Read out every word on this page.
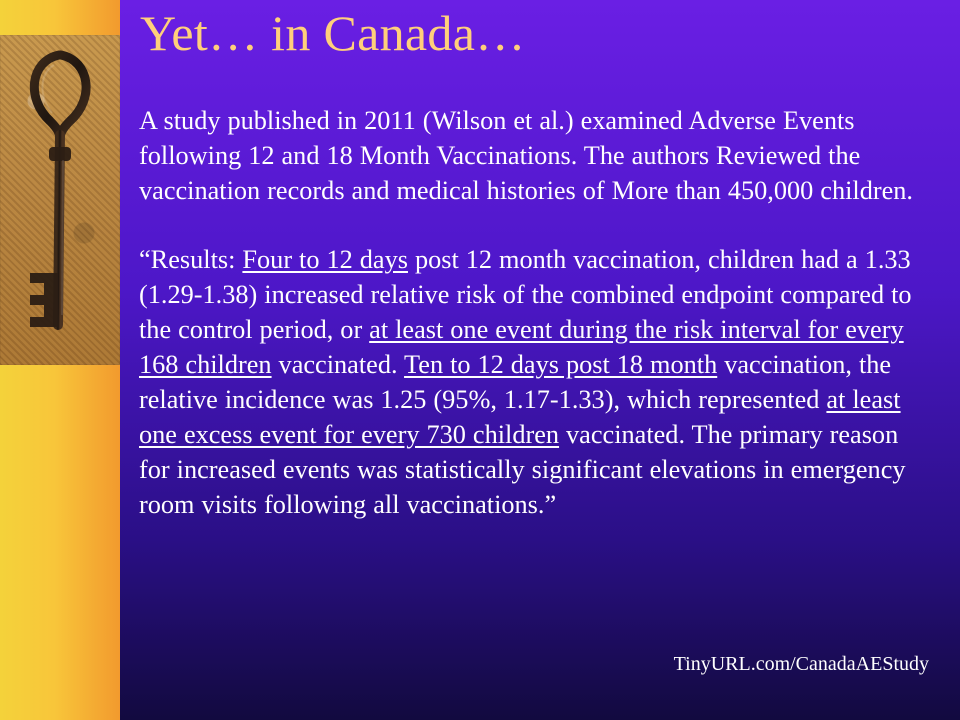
Yet… in Canada…

A study published in 2011 (Wilson et al.) examined Adverse Events following 12 and 18 Month Vaccinations. The authors Reviewed the vaccination records and medical histories of More than 450,000 children.

“Results: Four to 12 days post 12 month vaccination, children had a 1.33 (1.29-1.38) increased relative risk of the combined endpoint compared to the control period, or at least one event during the risk interval for every 168 children vaccinated. Ten to 12 days post 18 month vaccination, the relative incidence was 1.25 (95%, 1.17-1.33), which represented at least one excess event for every 730 children vaccinated. The primary reason for increased events was statistically significant elevations in emergency room visits following all vaccinations.”

TinyURL.com/CanadaAEStudy
